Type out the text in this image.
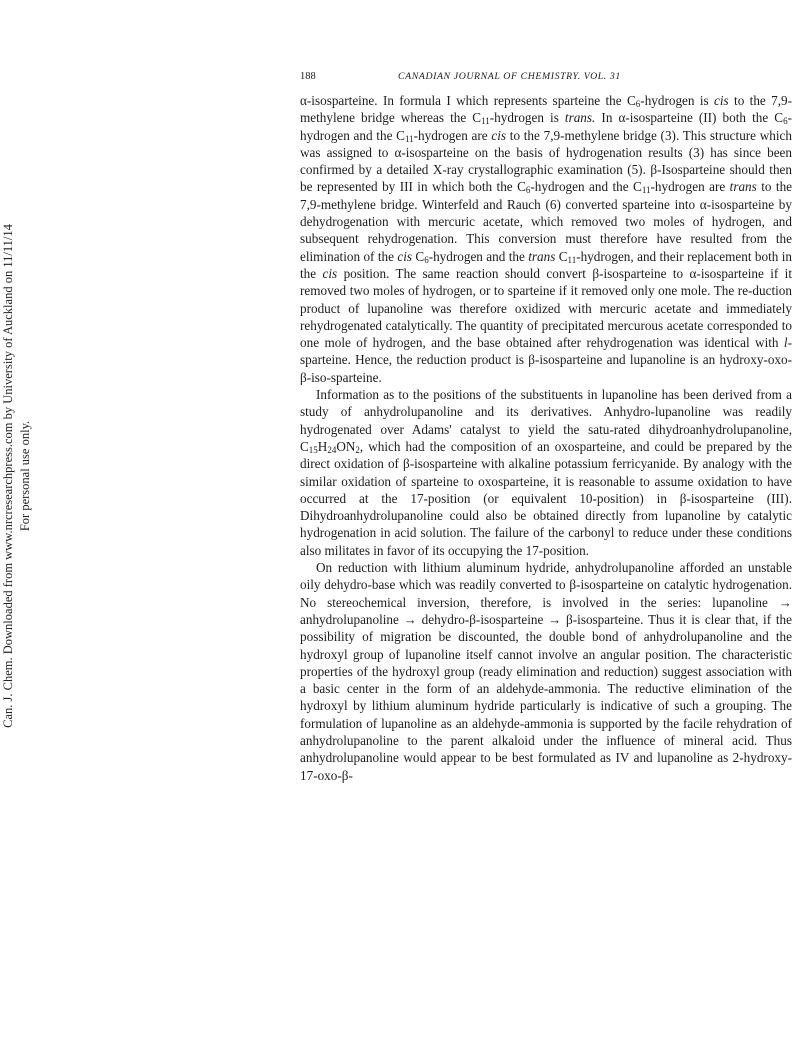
188	CANADIAN JOURNAL OF CHEMISTRY. VOL. 31
Can. J. Chem. Downloaded from www.nrcresearchpress.com by University of Auckland on 11/11/14 For personal use only.

α-isosparteine. In formula I which represents sparteine the $C_6$-hydrogen is cis to the 7,9-methylene bridge whereas the $C_{11}$-hydrogen is trans. In α-isosparteine (II) both the $C_6$-hydrogen and the $C_{11}$-hydrogen are cis to the 7,9-methylene bridge (3). This structure which was assigned to α-isosparteine on the basis of hydrogenation results (3) has since been confirmed by a detailed X-ray crystallographic examination (5). β-Isosparteine should then be represented by III in which both the $C_6$-hydrogen and the $C_{11}$-hydrogen are trans to the 7,9-methylene bridge. Winterfeld and Rauch (6) converted sparteine into α-isosparteine by dehydrogenation with mercuric acetate, which removed two moles of hydrogen, and subsequent rehydrogenation. This conversion must therefore have resulted from the elimination of the cis $C_6$-hydrogen and the trans $C_{11}$-hydrogen, and their replacement both in the cis position. The same reaction should convert β-isosparteine to α-isosparteine if it removed two moles of hydrogen, or to sparteine if it removed only one mole. The re-duction product of lupanoline was therefore oxidized with mercuric acetate and immediately rehydrogenated catalytically. The quantity of precipitated mercurous acetate corresponded to one mole of hydrogen, and the base obtained after rehydrogenation was identical with l-sparteine. Hence, the reduction product is β-isosparteine and lupanoline is an hydroxy-oxo-β-iso-sparteine.

Information as to the positions of the substituents in lupanoline has been derived from a study of anhydrolupanoline and its derivatives. Anhydro-lupanoline was readily hydrogenated over Adams' catalyst to yield the satu-rated dihydroanhydrolupanoline, $C_{15}H_{24}ON_2$, which had the composition of an oxosparteine, and could be prepared by the direct oxidation of β-isosparteine with alkaline potassium ferricyanide. By analogy with the similar oxidation of sparteine to oxosparteine, it is reasonable to assume oxidation to have occurred at the 17-position (or equivalent 10-position) in β-isosparteine (III). Dihydroanhydrolupanoline could also be obtained directly from lupanoline by catalytic hydrogenation in acid solution. The failure of the carbonyl to reduce under these conditions also militates in favor of its occupying the 17-position.

On reduction with lithium aluminum hydride, anhydrolupanoline afforded an unstable oily dehydro-base which was readily converted to β-isosparteine on catalytic hydrogenation. No stereochemical inversion, therefore, is involved in the series: lupanoline → anhydrolupanoline → dehydro-β-isosparteine → β-isosparteine. Thus it is clear that, if the possibility of migration be discounted, the double bond of anhydrolupanoline and the hydroxyl group of lupanoline itself cannot involve an angular position. The characteristic properties of the hydroxyl group (ready elimination and reduction) suggest association with a basic center in the form of an aldehyde-ammonia. The reductive elimination of the hydroxyl by lithium aluminum hydride particularly is indicative of such a grouping. The formulation of lupanoline as an aldehyde-ammonia is supported by the facile rehydration of anhydrolupanoline to the parent alkaloid under the influence of mineral acid. Thus anhydrolupanoline would appear to be best formulated as IV and lupanoline as 2-hydroxy-17-oxo-β-
